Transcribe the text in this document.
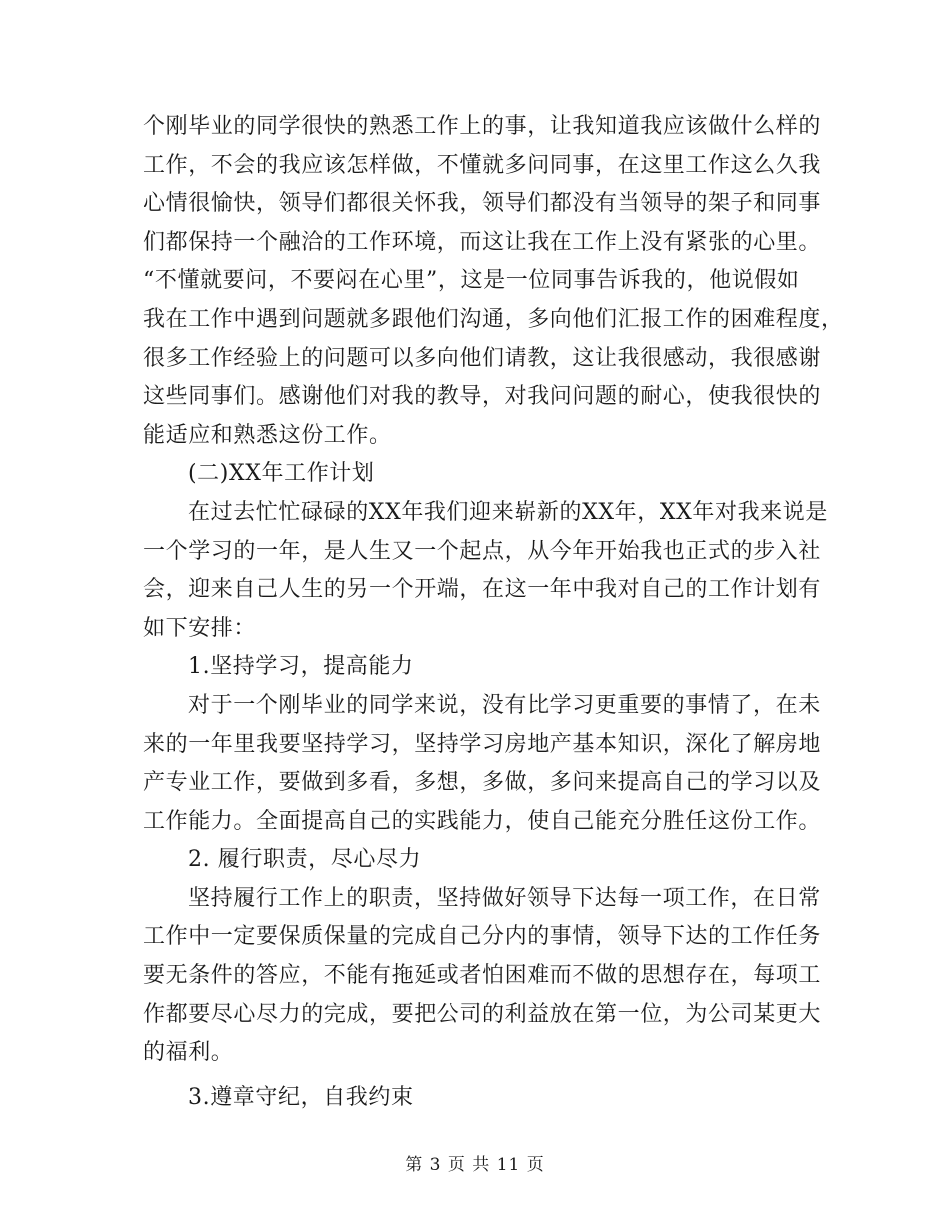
个刚毕业的同学很快的熟悉工作上的事，让我知道我应该做什么样的
工作，不会的我应该怎样做，不懂就多问同事，在这里工作这么久我
心情很愉快，领导们都很关怀我，领导们都没有当领导的架子和同事
们都保持一个融洽的工作环境，而这让我在工作上没有紧张的心里。
“不懂就要问，不要闷在心里”，这是一位同事告诉我的，他说假如
我在工作中遇到问题就多跟他们沟通，多向他们汇报工作的困难程度，
很多工作经验上的问题可以多向他们请教，这让我很感动，我很感谢
这些同事们。感谢他们对我的教导，对我问问题的耐心，使我很快的
能适应和熟悉这份工作。
(二)XX年工作计划
在过去忙忙碌碌的XX年我们迎来崭新的XX年，XX年对我来说是
一个学习的一年，是人生又一个起点，从今年开始我也正式的步入社
会，迎来自己人生的另一个开端，在这一年中我对自己的工作计划有
如下安排：
1.坚持学习，提高能力
对于一个刚毕业的同学来说，没有比学习更重要的事情了，在未
来的一年里我要坚持学习，坚持学习房地产基本知识，深化了解房地
产专业工作，要做到多看，多想，多做，多问来提高自己的学习以及
工作能力。全面提高自己的实践能力，使自己能充分胜任这份工作。
2. 履行职责，尽心尽力
坚持履行工作上的职责，坚持做好领导下达每一项工作，在日常
工作中一定要保质保量的完成自己分内的事情，领导下达的工作任务
要无条件的答应，不能有拖延或者怕困难而不做的思想存在，每项工
作都要尽心尽力的完成，要把公司的利益放在第一位，为公司某更大
的福利。
3.遵章守纪，自我约束
第 3 页 共 11 页
